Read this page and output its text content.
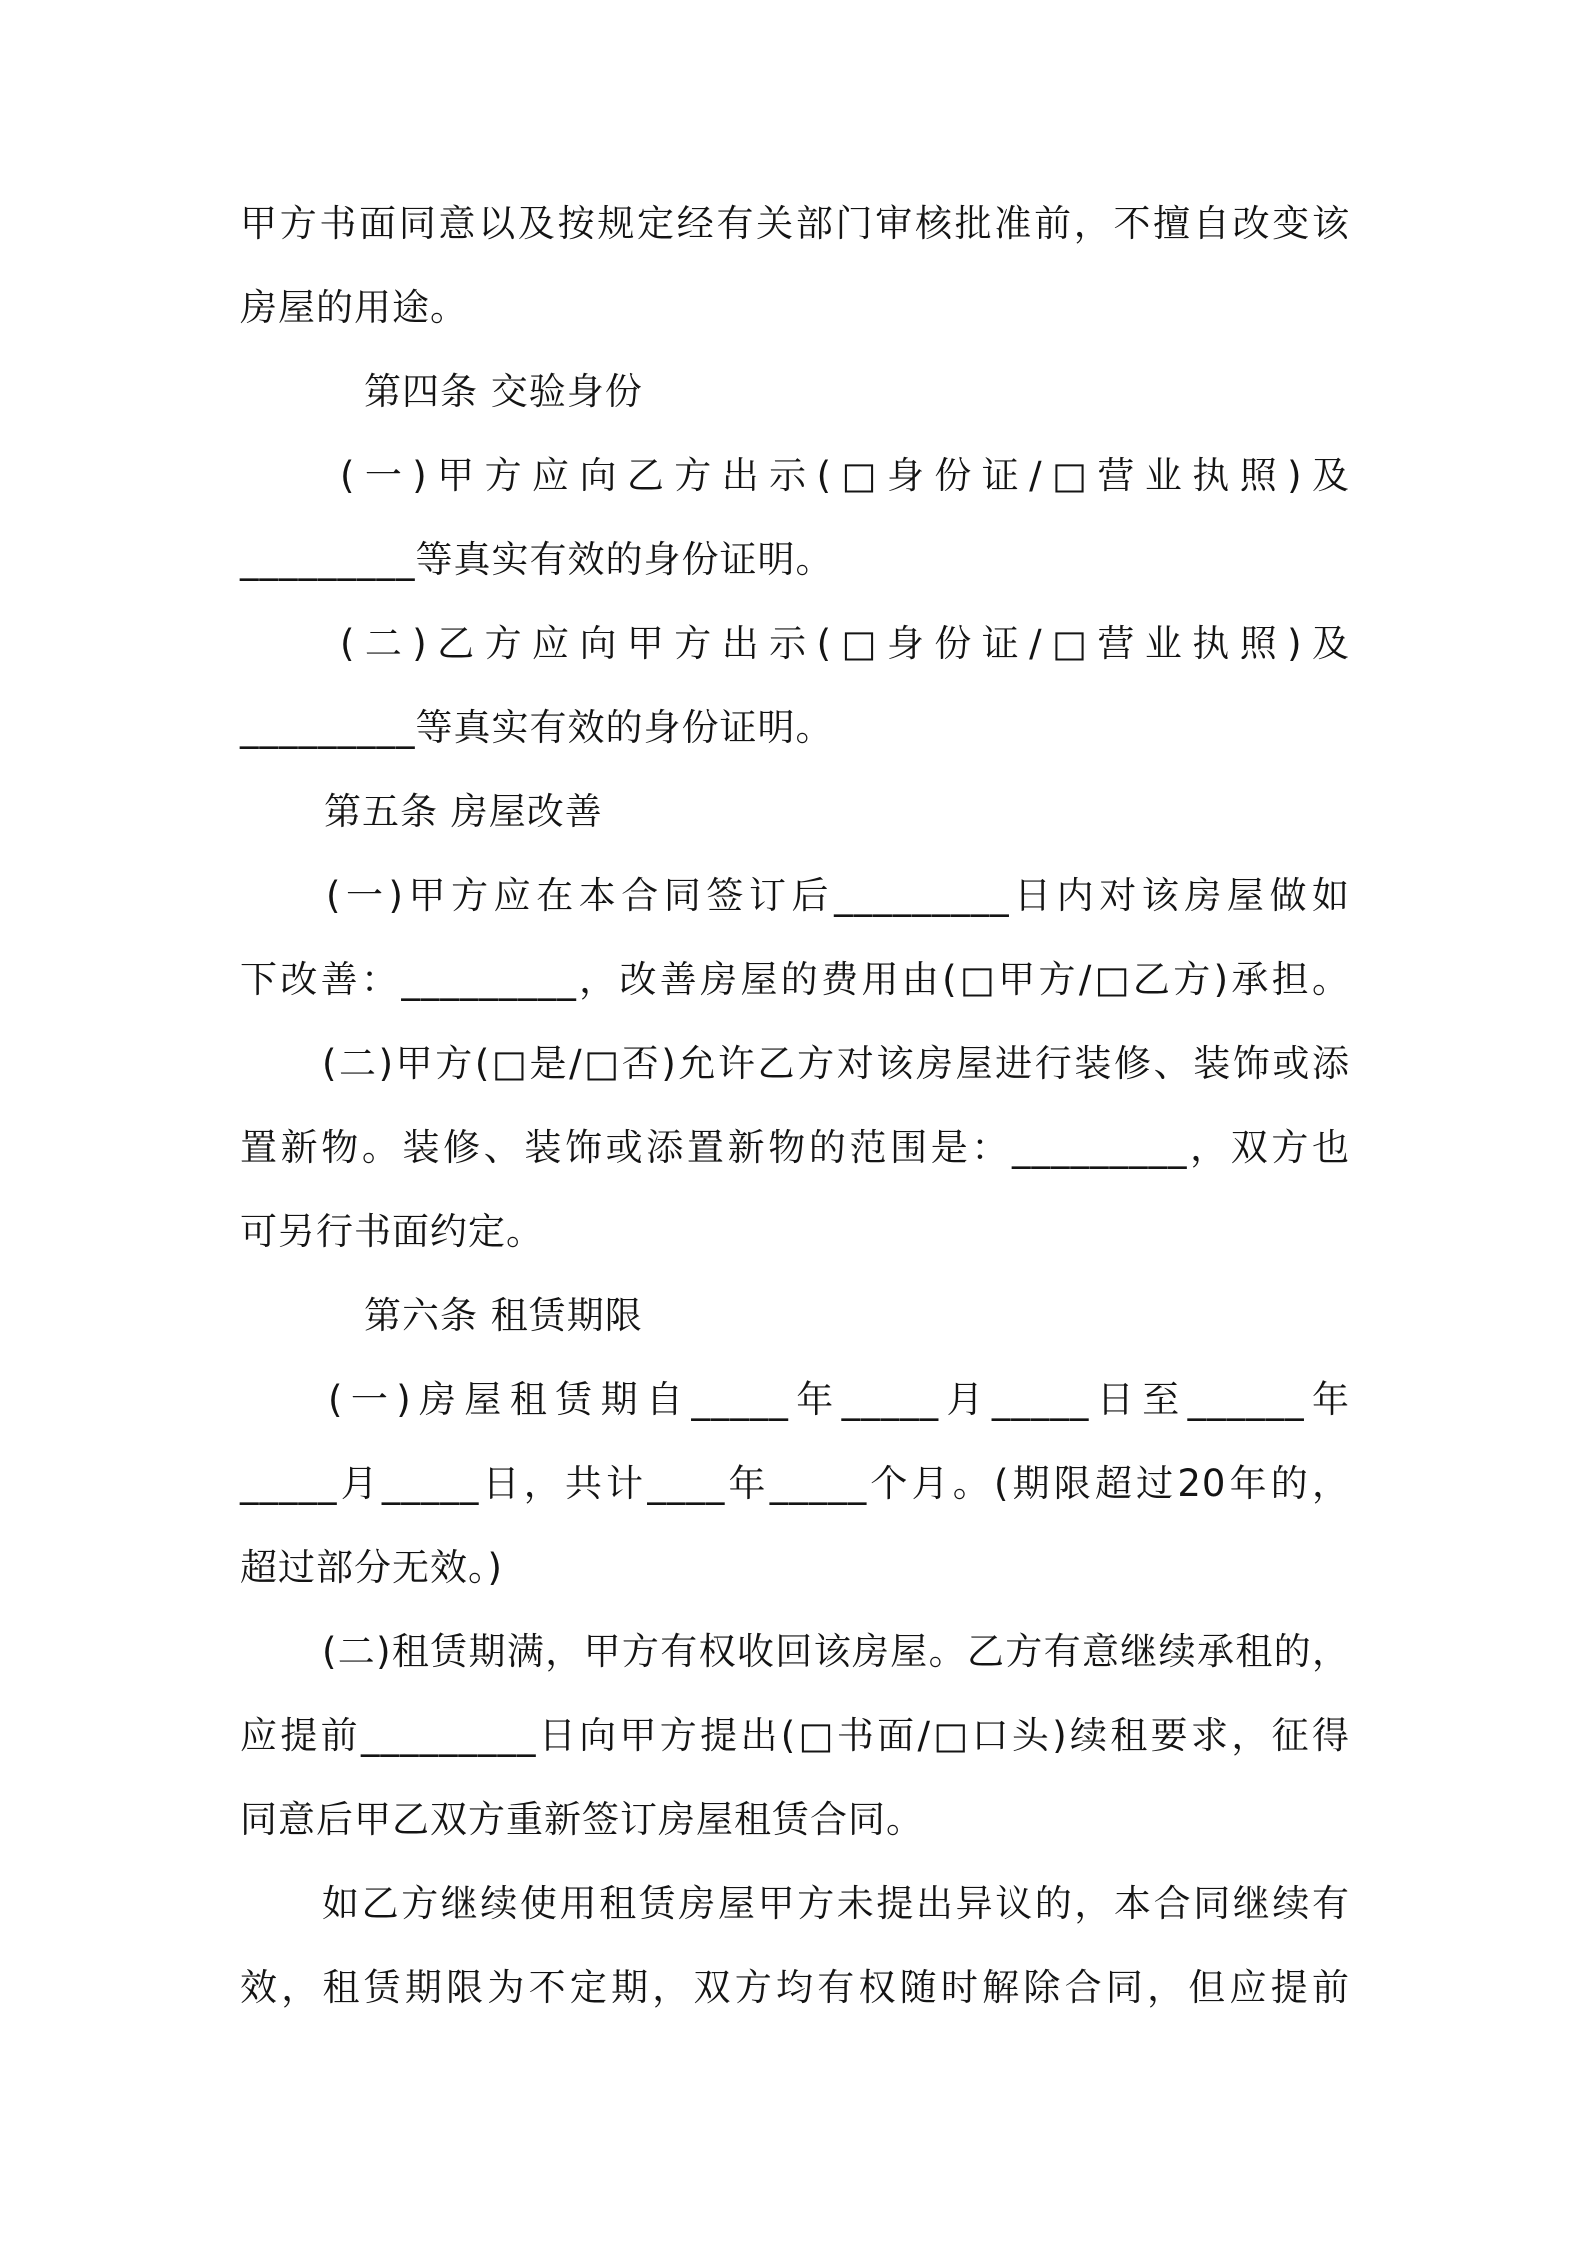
甲方书面同意以及按规定经有关部门审核批准前，不擅自改变该
房屋的用途。
第四条 交验身份
(一)甲方应向乙方出示(□身份证/□营业执照)及
_________等真实有效的身份证明。
(二)乙方应向甲方出示(□身份证/□营业执照)及
_________等真实有效的身份证明。
第五条 房屋改善
(一)甲方应在本合同签订后_________日内对该房屋做如
下改善：_________，改善房屋的费用由(□甲方/□乙方)承担。
(二)甲方(□是/□否)允许乙方对该房屋进行装修、装饰或添
置新物。装修、装饰或添置新物的范围是：_________，双方也
可另行书面约定。
第六条 租赁期限
(一)房屋租赁期自_____年_____月_____日至______年
_____月_____日，共计____年_____个月。(期限超过20年的，
超过部分无效。)
(二)租赁期满，甲方有权收回该房屋。乙方有意继续承租的，
应提前_________日向甲方提出(□书面/□口头)续租要求，征得
同意后甲乙双方重新签订房屋租赁合同。
如乙方继续使用租赁房屋甲方未提出异议的，本合同继续有
效，租赁期限为不定期，双方均有权随时解除合同，但应提前
